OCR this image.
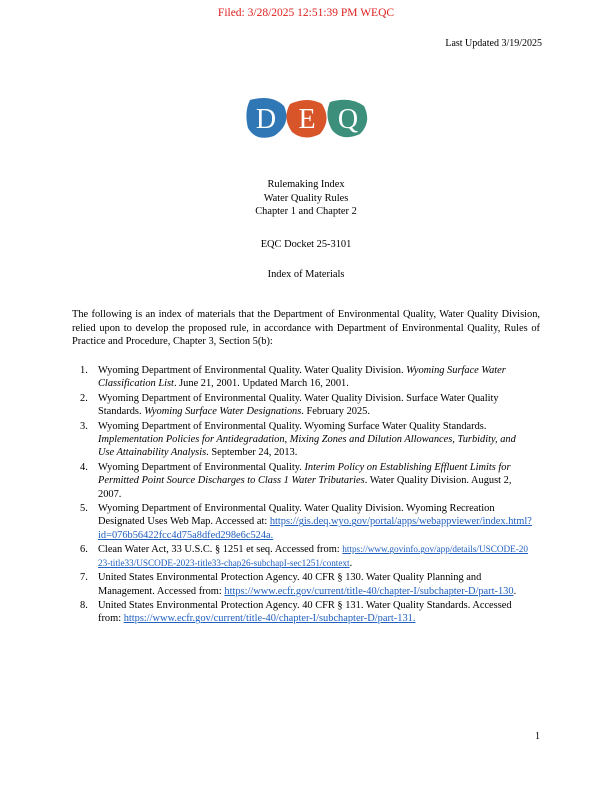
Filed: 3/28/2025 12:51:39 PM WEQC
Last Updated 3/19/2025
D E Q
Rulemaking Index
Water Quality Rules
Chapter 1 and Chapter 2
EQC Docket 25-3101
Index of Materials

The following is an index of materials that the Department of Environmental Quality, Water Quality Division, relied upon to develop the proposed rule, in accordance with Department of Environmental Quality, Rules of Practice and Procedure, Chapter 3, Section 5(b):

1. Wyoming Department of Environmental Quality. Water Quality Division. Wyoming Surface Water Classification List. June 21, 2001. Updated March 16, 2001.
2. Wyoming Department of Environmental Quality. Water Quality Division. Surface Water Quality Standards. Wyoming Surface Water Designations. February 2025.
3. Wyoming Department of Environmental Quality. Wyoming Surface Water Quality Standards. Implementation Policies for Antidegradation, Mixing Zones and Dilution Allowances, Turbidity, and Use Attainability Analysis. September 24, 2013.
4. Wyoming Department of Environmental Quality. Interim Policy on Establishing Effluent Limits for Permitted Point Source Discharges to Class 1 Water Tributaries. Water Quality Division. August 2, 2007.
5. Wyoming Department of Environmental Quality. Water Quality Division. Wyoming Recreation Designated Uses Web Map. Accessed at: https://gis.deq.wyo.gov/portal/apps/webappviewer/index.html?id=076b56422fcc4d75a8dfed298e6c524a.
6. Clean Water Act, 33 U.S.C. § 1251 et seq. Accessed from: https://www.govinfo.gov/app/details/USCODE-2023-title33/USCODE-2023-title33-chap26-subchapI-sec1251/context.
7. United States Environmental Protection Agency. 40 CFR § 130. Water Quality Planning and Management. Accessed from: https://www.ecfr.gov/current/title-40/chapter-I/subchapter-D/part-130.
8. United States Environmental Protection Agency. 40 CFR § 131. Water Quality Standards. Accessed from: https://www.ecfr.gov/current/title-40/chapter-I/subchapter-D/part-131.
1
